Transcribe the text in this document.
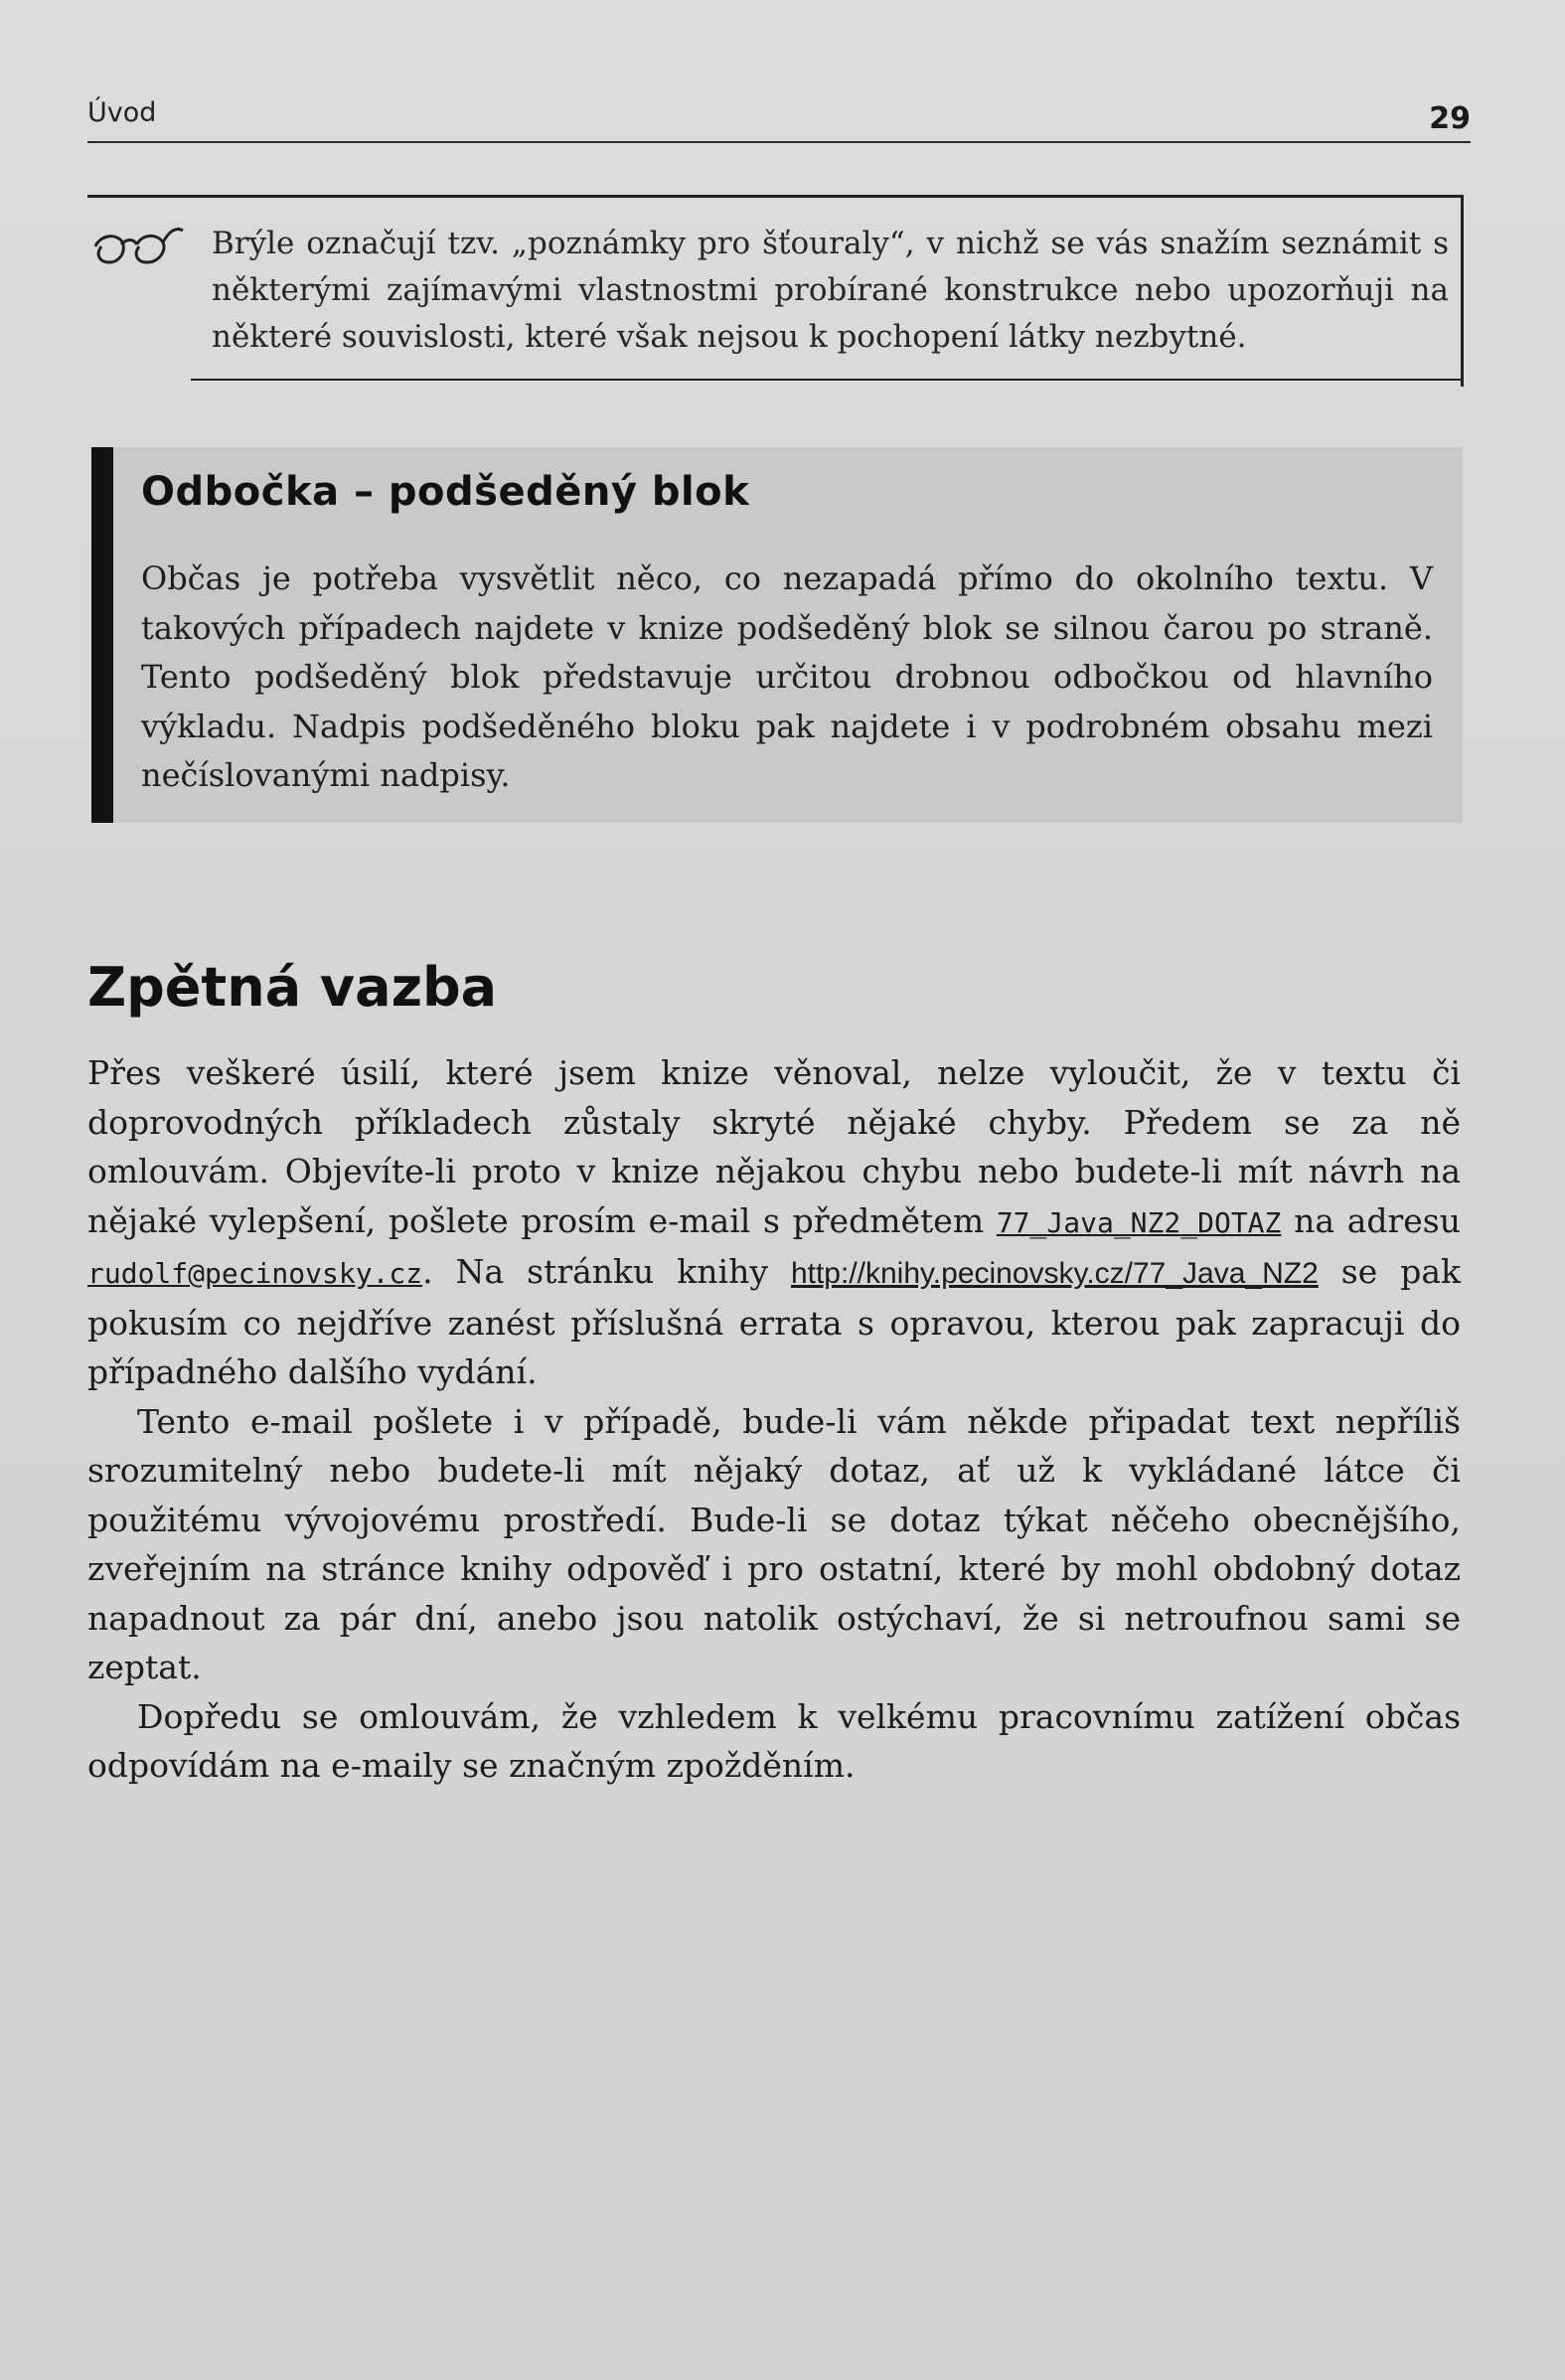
Úvod	29
Brýle označují tzv. „poznámky pro šťouraly“, v nichž se vás snažím seznámit s některými zajímavými vlastnostmi probírané konstrukce nebo upozorňuji na některé souvislosti, které však nejsou k pochopení látky nezbytné.
Odbočka – podšeděný blok
Občas je potřeba vysvětlit něco, co nezapadá přímo do okolního textu. V takových případech najdete v knize podšeděný blok se silnou čarou po straně. Tento podšeděný blok představuje určitou drobnou odbočkou od hlavního výkladu. Nadpis podšeděného bloku pak najdete i v podrobném obsahu mezi nečíslovanými nadpisy.
Zpětná vazba

Přes veškeré úsilí, které jsem knize věnoval, nelze vyloučit, že v textu či doprovodných příkladech zůstaly skryté nějaké chyby. Předem se za ně omlouvám. Objevíte-li proto v knize nějakou chybu nebo budete-li mít návrh na nějaké vylepšení, pošlete prosím e-mail s předmětem 77_Java_NZ2_DOTAZ na adresu rudolf@pecinovsky.cz. Na stránku knihy http://knihy.pecinovsky.cz/77_Java_NZ2 se pak pokusím co nejdříve zanést příslušná errata s opravou, kterou pak zapracuji do případného dalšího vydání.

Tento e-mail pošlete i v případě, bude-li vám někde připadat text nepříliš srozumitelný nebo budete-li mít nějaký dotaz, ať už k vykládané látce či použitému vývojovému prostředí. Bude-li se dotaz týkat něčeho obecnějšího, zveřejním na stránce knihy odpověď i pro ostatní, které by mohl obdobný dotaz napadnout za pár dní, anebo jsou natolik ostýchaví, že si netroufnou sami se zeptat.

Dopředu se omlouvám, že vzhledem k velkému pracovnímu zatížení občas odpovídám na e-maily se značným zpožděním.
